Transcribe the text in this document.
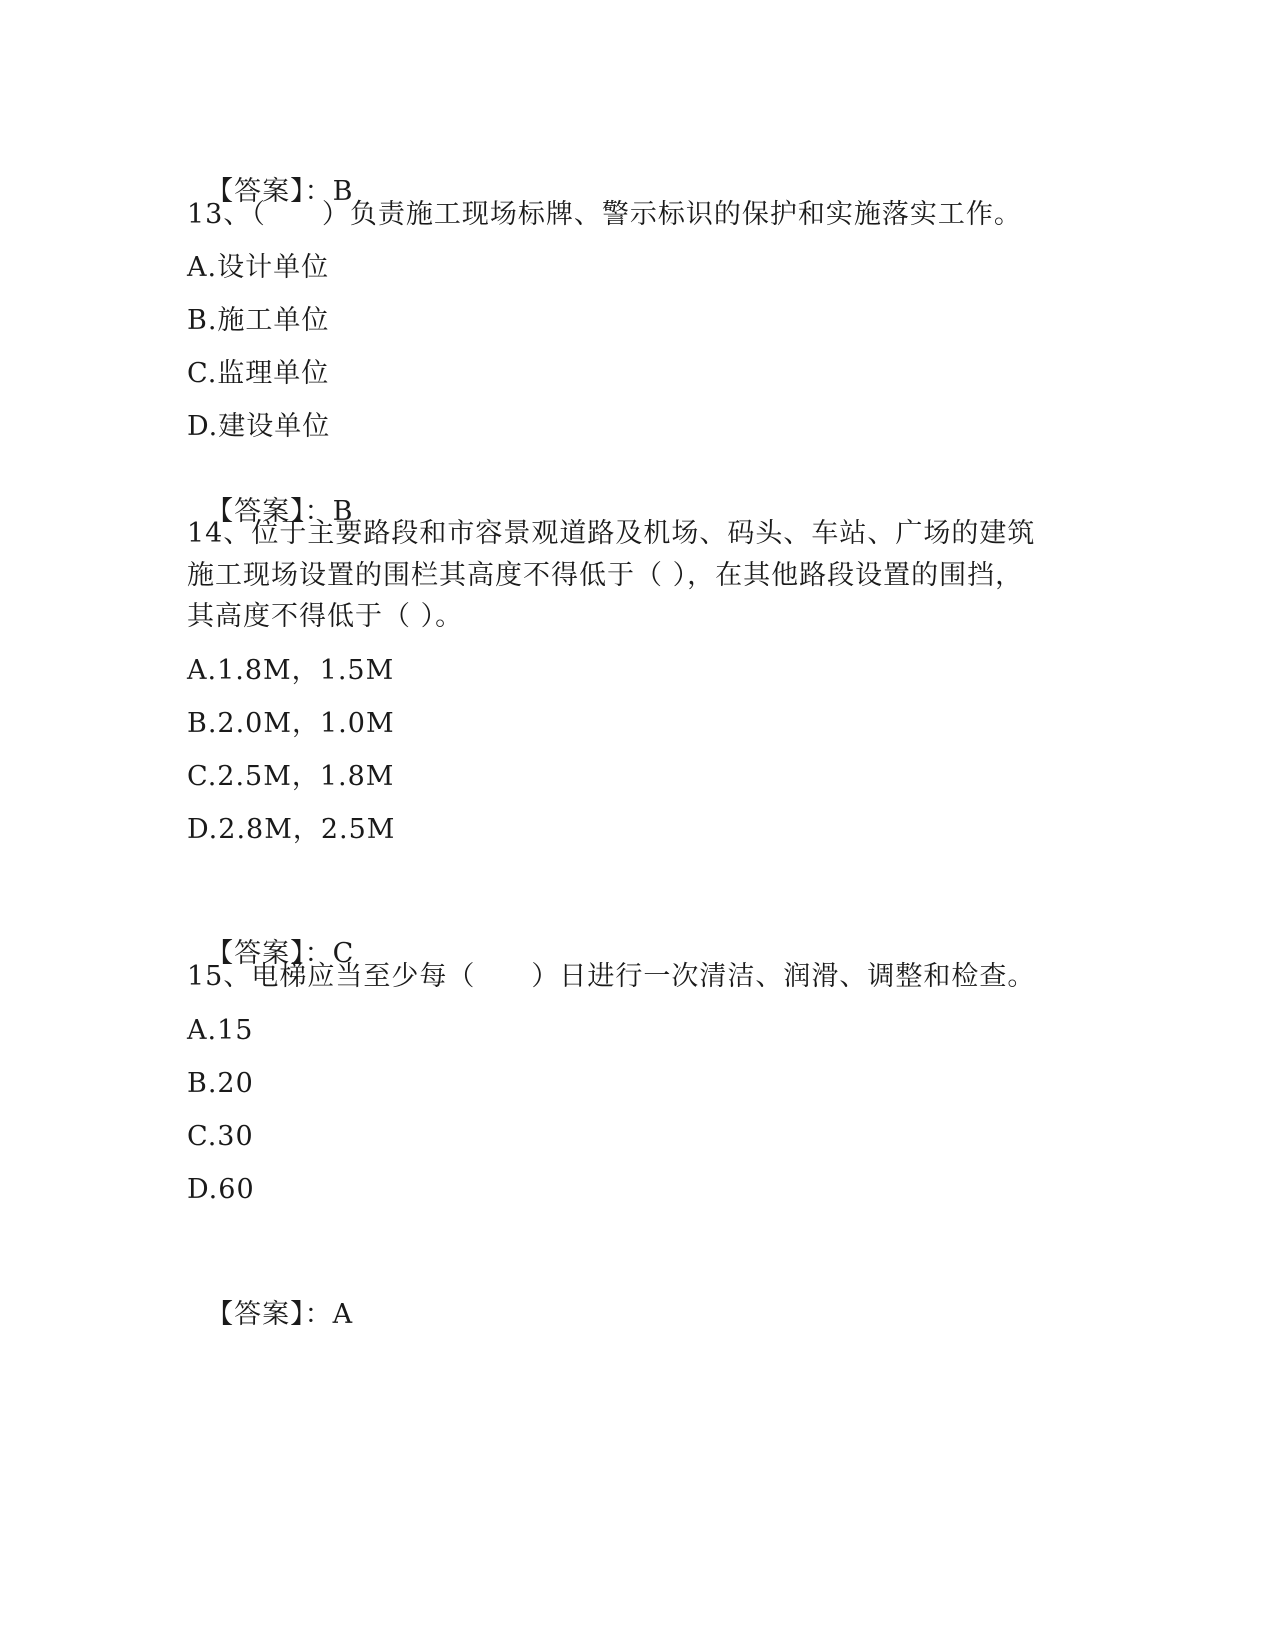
【答案】：B

13、（　　）负责施工现场标牌、警示标识的保护和实施落实工作。
A.设计单位
B.施工单位
C.监理单位
D.建设单位

【答案】：B

14、位于主要路段和市容景观道路及机场、码头、车站、广场的建筑
施工现场设置的围栏其高度不得低于（ ），在其他路段设置的围挡，
其高度不得低于（ ）。
A.1.8M，1.5M
B.2.0M，1.0M
C.2.5M，1.8M
D.2.8M，2.5M

【答案】：C

15、电梯应当至少每（　　）日进行一次清洁、润滑、调整和检查。
A.15
B.20
C.30
D.60

【答案】：A
